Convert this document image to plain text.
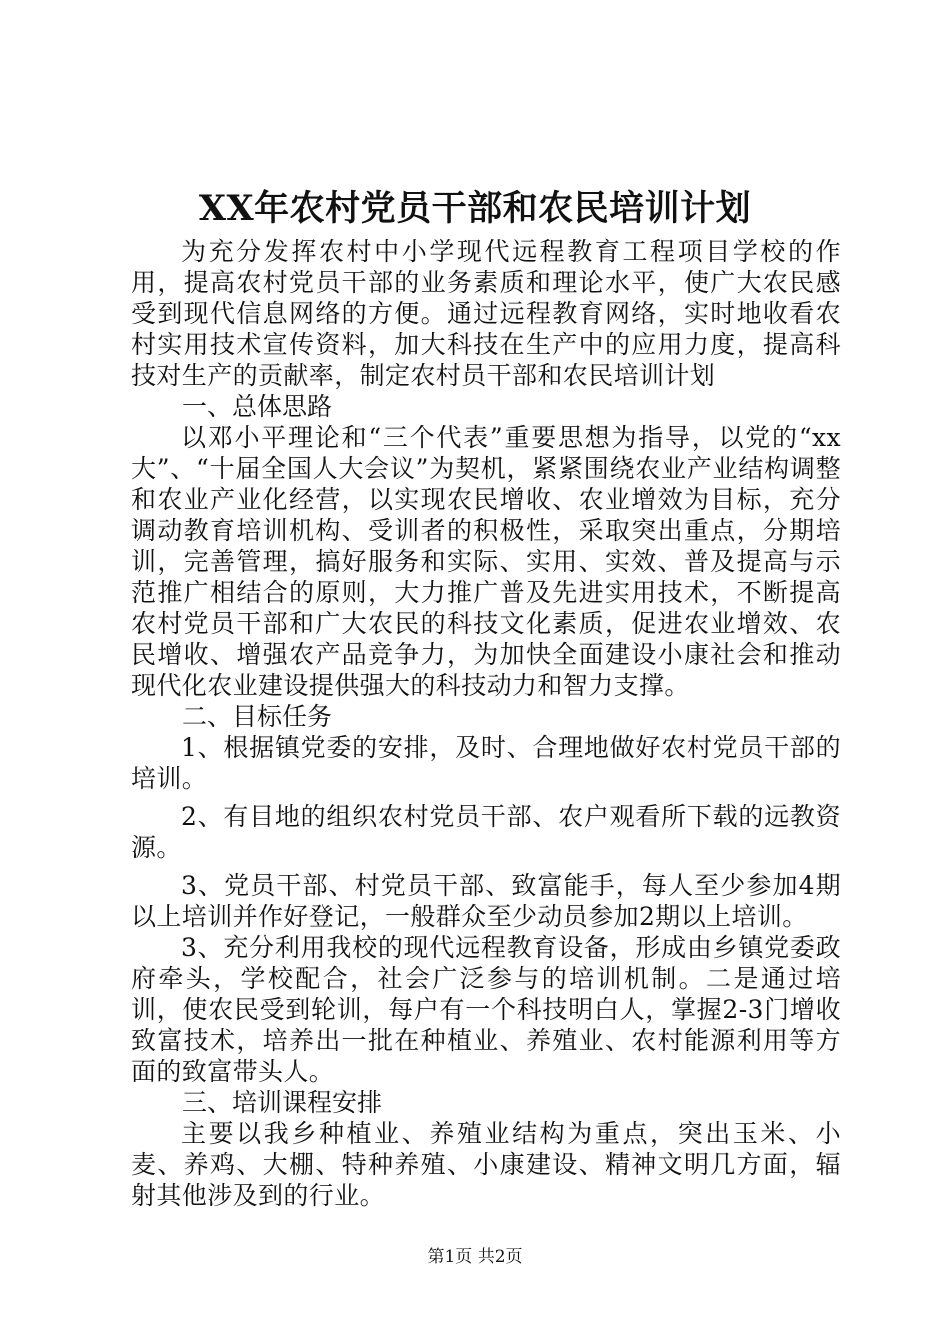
XX年农村党员干部和农民培训计划

为充分发挥农村中小学现代远程教育工程项目学校的作用，提高农村党员干部的业务素质和理论水平，使广大农民感受到现代信息网络的方便。通过远程教育网络，实时地收看农村实用技术宣传资料，加大科技在生产中的应用力度，提高科技对生产的贡献率，制定农村员干部和农民培训计划

一、总体思路

以邓小平理论和“三个代表”重要思想为指导，以党的“xx大”、“十届全国人大会议”为契机，紧紧围绕农业产业结构调整和农业产业化经营，以实现农民增收、农业增效为目标，充分调动教育培训机构、受训者的积极性，采取突出重点，分期培训，完善管理，搞好服务和实际、实用、实效、普及提高与示范推广相结合的原则，大力推广普及先进实用技术，不断提高农村党员干部和广大农民的科技文化素质，促进农业增效、农民增收、增强农产品竞争力，为加快全面建设小康社会和推动现代化农业建设提供强大的科技动力和智力支撑。

二、目标任务

1、根据镇党委的安排，及时、合理地做好农村党员干部的培训。

2、有目地的组织农村党员干部、农户观看所下载的远教资源。

3、党员干部、村党员干部、致富能手，每人至少参加4期以上培训并作好登记，一般群众至少动员参加2期以上培训。

3、充分利用我校的现代远程教育设备，形成由乡镇党委政府牵头，学校配合，社会广泛参与的培训机制。二是通过培训，使农民受到轮训，每户有一个科技明白人，掌握2-3门增收致富技术，培养出一批在种植业、养殖业、农村能源利用等方面的致富带头人。

三、培训课程安排

主要以我乡种植业、养殖业结构为重点，突出玉米、小麦、养鸡、大棚、特种养殖、小康建设、精神文明几方面，辐射其他涉及到的行业。

第1页 共2页
